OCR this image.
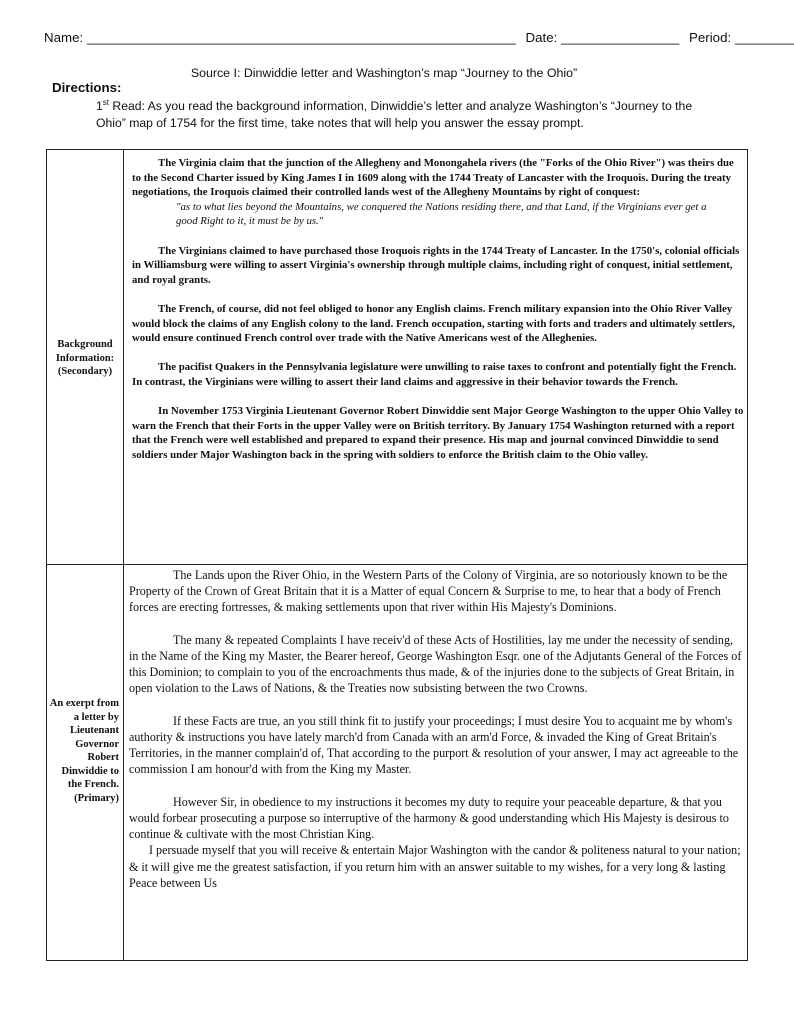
Name: __________________________________________________________ Date: ________________ Period: ________
Source I: Dinwiddie letter and Washington’s map “Journey to the Ohio”
Directions:
1st Read: As you read the background information, Dinwiddie’s letter and analyze Washington’s “Journey to the
Ohio” map of 1754 for the first time, take notes that will help you answer the essay prompt.
Background Information: (Secondary)

The Virginia claim that the junction of the Allegheny and Monongahela rivers (the "Forks of the Ohio River") was theirs due to the Second Charter issued by King James I in 1609 along with the 1744 Treaty of Lancaster with the Iroquois. During the treaty negotiations, the Iroquois claimed their controlled lands west of the Allegheny Mountains by right of conquest:

"as to what lies beyond the Mountains, we conquered the Nations residing there, and that Land, if the Virginians ever get a good Right to it, it must be by us."

The Virginians claimed to have purchased those Iroquois rights in the 1744 Treaty of Lancaster. In the 1750's, colonial officials in Williamsburg were willing to assert Virginia's ownership through multiple claims, including right of conquest, initial settlement, and royal grants.

The French, of course, did not feel obliged to honor any English claims. French military expansion into the Ohio River Valley would block the claims of any English colony to the land. French occupation, starting with forts and traders and ultimately settlers, would ensure continued French control over trade with the Native Americans west of the Alleghenies.

The pacifist Quakers in the Pennsylvania legislature were unwilling to raise taxes to confront and potentially fight the French. In contrast, the Virginians were willing to assert their land claims and aggressive in their behavior towards the French.

In November 1753 Virginia Lieutenant Governor Robert Dinwiddie sent Major George Washington to the upper Ohio Valley to warn the French that their Forts in the upper Valley were on British territory. By January 1754 Washington returned with a report that the French were well established and prepared to expand their presence. His map and journal convinced Dinwiddie to send soldiers under Major Washington back in the spring with soldiers to enforce the British claim to the Ohio valley.

An exerpt from a letter by Lieutenant Governor Robert Dinwiddie to the French. (Primary)

The Lands upon the River Ohio, in the Western Parts of the Colony of Virginia, are so notoriously known to be the Property of the Crown of Great Britain that it is a Matter of equal Concern & Surprise to me, to hear that a body of French forces are erecting fortresses, & making settlements upon that river within His Majesty's Dominions.

The many & repeated Complaints I have receiv'd of these Acts of Hostilities, lay me under the necessity of sending, in the Name of the King my Master, the Bearer hereof, George Washington Esqr. one of the Adjutants General of the Forces of this Dominion; to complain to you of the encroachments thus made, & of the injuries done to the subjects of Great Britain, in open violation to the Laws of Nations, & the Treaties now subsisting between the two Crowns.

If these Facts are true, an you still think fit to justify your proceedings; I must desire You to acquaint me by whom's authority & instructions you have lately march'd from Canada with an arm'd Force, & invaded the King of Great Britain's Territories, in the manner complain'd of, That according to the purport & resolution of your answer, I may act agreeable to the commission I am honour'd with from the King my Master.

However Sir, in obedience to my instructions it becomes my duty to require your peaceable departure, & that you would forbear prosecuting a purpose so interruptive of the harmony & good understanding which His Majesty is desirous to continue & cultivate with the most Christian King.

I persuade myself that you will receive & entertain Major Washington with the candor & politeness natural to your nation; & it will give me the greatest satisfaction, if you return him with an answer suitable to my wishes, for a very long & lasting Peace between Us
